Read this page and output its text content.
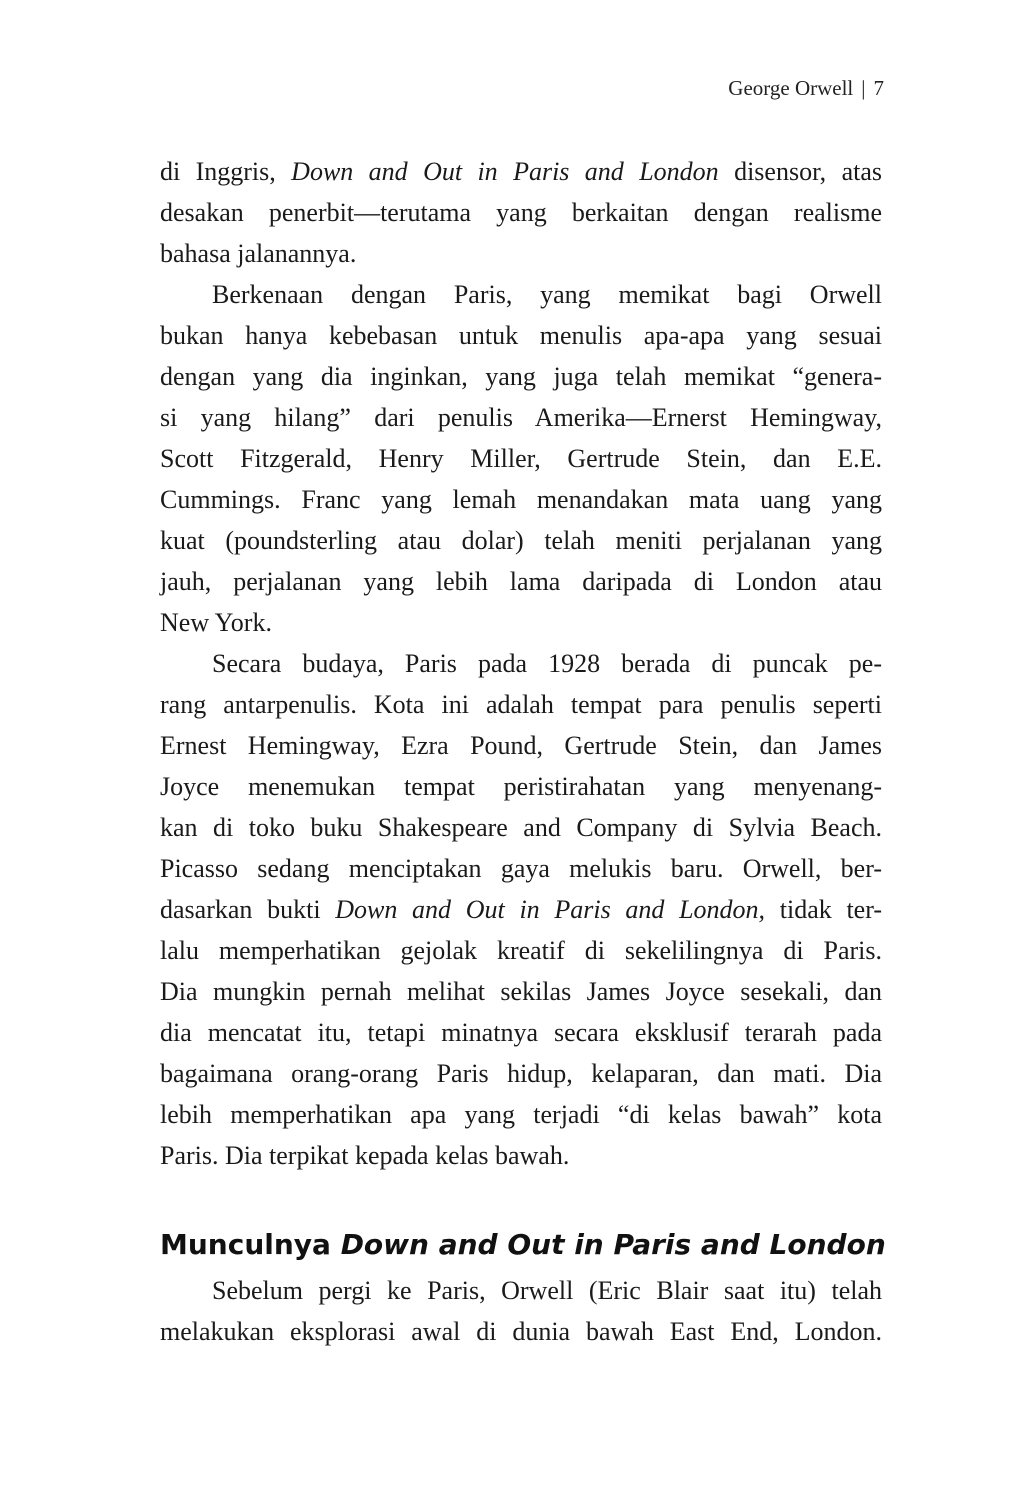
George Orwell | 7

di Inggris, Down and Out in Paris and London disensor, atas
desakan penerbit—terutama yang berkaitan dengan realisme
bahasa jalanannya.

Berkenaan dengan Paris, yang memikat bagi Orwell
bukan hanya kebebasan untuk menulis apa-apa yang sesuai
dengan yang dia inginkan, yang juga telah memikat “genera-
si yang hilang” dari penulis Amerika—Ernerst Hemingway,
Scott Fitzgerald, Henry Miller, Gertrude Stein, dan E.E.
Cummings. Franc yang lemah menandakan mata uang yang
kuat (poundsterling atau dolar) telah meniti perjalanan yang
jauh, perjalanan yang lebih lama daripada di London atau
New York.

Secara budaya, Paris pada 1928 berada di puncak pe-
rang antarpenulis. Kota ini adalah tempat para penulis seperti
Ernest Hemingway, Ezra Pound, Gertrude Stein, dan James
Joyce menemukan tempat peristirahatan yang menyenang-
kan di toko buku Shakespeare and Company di Sylvia Beach.
Picasso sedang menciptakan gaya melukis baru. Orwell, ber-
dasarkan bukti Down and Out in Paris and London, tidak ter-
lalu memperhatikan gejolak kreatif di sekelilingnya di Paris.
Dia mungkin pernah melihat sekilas James Joyce sesekali, dan
dia mencatat itu, tetapi minatnya secara eksklusif terarah pada
bagaimana orang-orang Paris hidup, kelaparan, dan mati. Dia
lebih memperhatikan apa yang terjadi “di kelas bawah” kota
Paris. Dia terpikat kepada kelas bawah.

Munculnya Down and Out in Paris and London

Sebelum pergi ke Paris, Orwell (Eric Blair saat itu) telah
melakukan eksplorasi awal di dunia bawah East End, London.
